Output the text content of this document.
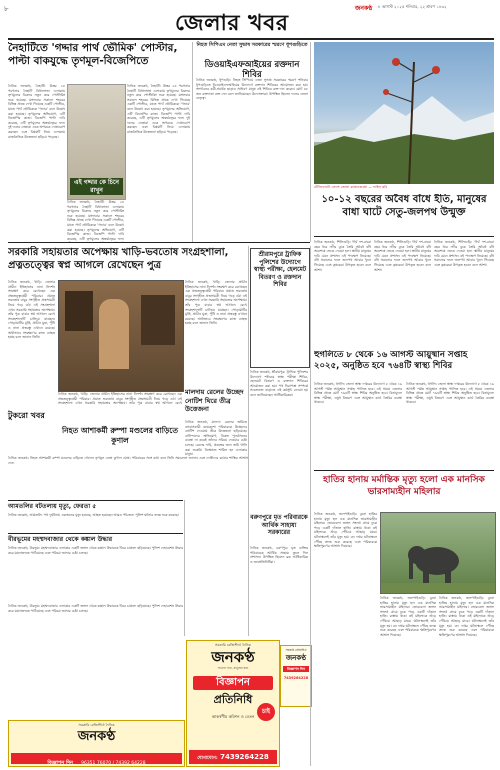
৮
জেলার খবর
জনকণ্ঠ ৮ আগস্ট ২০২৫ শনিবার, ২২ শ্রাবণ ১৪৩২
নৈহাটিতে 'গদ্দার পার্থ ভৌমিক' পোস্টার, পাল্টা বাকযুদ্ধে তৃণমূল-বিজেপিতে
দৈনিক জনকণ্ঠ, নৈহাটি: উত্তর ২৪ পরগনার নৈহাটি বিধানসভা এলাকায় তৃণমূলের বিরুদ্ধে নতুন করে পোস্টারিং শুরু হয়েছে। মঙ্গলবার সকালে শহরের বিভিন্ন প্রান্তে দেখা গিয়েছে একটি পোস্টার, যাতে পার্থ ভৌমিককে 'গদ্দার' বলে উল্লেখ করা হয়েছে। তৃণমূলের অভিযোগ, এটি বিজেপির কাজ। বিজেপি পাল্টা দাবি করেছে, এটি তৃণমূলের অন্তর্দ্বন্দ্বের ফল। দুই দলের নেতারা একে অপরকে দোষারোপ করছেন এবং বিষয়টি নিয়ে এলাকায় রাজনৈতিক উত্তেজনা ছড়িয়ে পড়েছে।
এই গদ্দার কে চিনে রাখুন
দৈনিক জনকণ্ঠ, নৈহাটি: উত্তর ২৪ পরগনার নৈহাটি বিধানসভা এলাকায় তৃণমূলের বিরুদ্ধে নতুন করে পোস্টারিং শুরু হয়েছে। মঙ্গলবার সকালে শহরের বিভিন্ন প্রান্তে দেখা গিয়েছে একটি পোস্টার, যাতে পার্থ ভৌমিককে 'গদ্দার' বলে উল্লেখ করা হয়েছে। তৃণমূলের অভিযোগ, এটি বিজেপির কাজ। বিজেপি পাল্টা দাবি করেছে, এটি তৃণমূলের অন্তর্দ্বন্দ্বের ফল।
দৈনিক জনকণ্ঠ, নৈহাটি: উত্তর ২৪ পরগনার নৈহাটি বিধানসভা এলাকায় তৃণমূলের বিরুদ্ধে নতুন করে পোস্টারিং শুরু হয়েছে। মঙ্গলবার সকালে শহরের বিভিন্ন প্রান্তে দেখা গিয়েছে একটি পোস্টার, যাতে পার্থ ভৌমিককে 'গদ্দার' বলে উল্লেখ করা হয়েছে। তৃণমূলের অভিযোগ, এটি বিজেপির কাজ। বিজেপি পাল্টা দাবি করেছে, এটি তৃণমূলের অন্তর্দ্বন্দ্বের ফল। দুই দলের নেতারা একে অপরকে দোষারোপ করছেন এবং বিষয়টি নিয়ে এলাকায় রাজনৈতিক উত্তেজনা ছড়িয়ে পড়েছে।
নিহত সিপিএম নেতা সুভাষ সরকারের স্মরণে ধূপগুড়িতে
ডিওয়াইএফআইয়ের রক্তদান শিবির
দৈনিক জনকণ্ঠ, ধূপগুড়ি: নিহত সিপিএম নেতা সুভাষ সরকারের স্মরণে শনিবার ধূপগুড়িতে ডিওয়াইএফআইয়ের উদ্যোগে রক্তদান শিবিরের আয়োজন করা হয়। সংগঠনের কর্মী-সমর্থক ছাড়াও সাধারণ মানুষ এই শিবিরে রক্ত দান করেন। মোট ৪৮ জন রক্তদাতা রক্ত দেন বলে জানিয়েছেন উদ্যোক্তারা। উপস্থিত ছিলেন দলের জেলা নেতৃত্ব।
টেলিফোটো লেন্সে তোলা কাঞ্চনজঙ্ঘা — ফাইল ছবি
১০-১২ বছরের অবৈধ বাঁধে ইতি, মানুষের বাধা ঘাটে সেতু-জলপথ উন্মুক্ত
দৈনিক জনকণ্ঠ, শিলিগুড়ি: দীর্ঘ দশ-বারো বছর ধরে নদীর বুকে তৈরি অবৈধ বাঁধ অবশেষে ভেঙে দেওয়া হল। স্থানীয় মানুষের দাবি মেনে প্রশাসন এই পদক্ষেপ নিয়েছে। বাঁধ সরানোর ফলে জলপথ আবার খুলে গিয়েছে এবং কৃষকেরা উপকৃত হবেন বলে আশা।
দৈনিক জনকণ্ঠ, শিলিগুড়ি: দীর্ঘ দশ-বারো বছর ধরে নদীর বুকে তৈরি অবৈধ বাঁধ অবশেষে ভেঙে দেওয়া হল। স্থানীয় মানুষের দাবি মেনে প্রশাসন এই পদক্ষেপ নিয়েছে। বাঁধ সরানোর ফলে জলপথ আবার খুলে গিয়েছে এবং কৃষকেরা উপকৃত হবেন বলে আশা।
দৈনিক জনকণ্ঠ, শিলিগুড়ি: দীর্ঘ দশ-বারো বছর ধরে নদীর বুকে তৈরি অবৈধ বাঁধ অবশেষে ভেঙে দেওয়া হল। স্থানীয় মানুষের দাবি মেনে প্রশাসন এই পদক্ষেপ নিয়েছে। বাঁধ সরানোর ফলে জলপথ আবার খুলে গিয়েছে এবং কৃষকেরা উপকৃত হবেন বলে আশা।
শ্রীরামপুরে ট্রাফিক পুলিশের উদ্যোগে স্বাস্থ্য পরীক্ষা, হেলমেট বিতরণ ও রক্তদান শিবির
সরকারি সহায়তার অপেক্ষায় খাড়ি-ভবতোষ সংগ্রহশালা, প্রত্নতত্ত্বের স্বপ্ন আগলে রেখেছেন পুত্র
দৈনিক জনকণ্ঠ, খাড়ি: জেলার প্রাচীন ইতিহাসের নানা নিদর্শন সংরক্ষণ করে রেখেছেন এক প্রত্নতত্ত্বপ্রেমী পরিবার। প্রয়াত ভবতোষ বাবুর সংগৃহীত প্রত্নসামগ্রী নিয়ে গড়ে ওঠা এই সংগ্রহশালা এখন সরকারি সহায়তার অপেক্ষায়। তাঁর পুত্র বাবার স্বপ্ন আগলে রেখে সংগ্রহশালাটি চালিয়ে যাচ্ছেন। পোড়ামাটির মূর্তি, প্রাচীন মুদ্রা, পুঁথি ও নানা প্রত্নবস্তু এখানে রয়েছে। অর্থাভাবে সংরক্ষণের কাজ ব্যাহত হচ্ছে বলে জানান তিনি।
দৈনিক জনকণ্ঠ, খাড়ি: জেলার প্রাচীন ইতিহাসের নানা নিদর্শন সংরক্ষণ করে রেখেছেন এক প্রত্নতত্ত্বপ্রেমী পরিবার। প্রয়াত ভবতোষ বাবুর সংগৃহীত প্রত্নসামগ্রী নিয়ে গড়ে ওঠা এই সংগ্রহশালা এখন সরকারি সহায়তার অপেক্ষায়। তাঁর পুত্র বাবার স্বপ্ন আগলে রেখে
দৈনিক জনকণ্ঠ, খাড়ি: জেলার প্রাচীন ইতিহাসের নানা নিদর্শন সংরক্ষণ করে রেখেছেন এক প্রত্নতত্ত্বপ্রেমী পরিবার। প্রয়াত ভবতোষ বাবুর সংগৃহীত প্রত্নসামগ্রী নিয়ে গড়ে ওঠা এই সংগ্রহশালা এখন সরকারি সহায়তার অপেক্ষায়। তাঁর পুত্র বাবার স্বপ্ন আগলে রেখে সংগ্রহশালাটি চালিয়ে যাচ্ছেন। পোড়ামাটির মূর্তি, প্রাচীন মুদ্রা, পুঁথি ও নানা প্রত্নবস্তু এখানে রয়েছে। অর্থাভাবে সংরক্ষণের কাজ ব্যাহত হচ্ছে বলে জানান তিনি।
দৈনিক জনকণ্ঠ, শ্রীরামপুর: ট্রাফিক পুলিশের উদ্যোগে শনিবার স্বাস্থ্য পরীক্ষা শিবির, হেলমেট বিতরণ ও রক্তদান শিবিরের আয়োজন করা হয়। পথ নিরাপত্তা সম্পর্কে সচেতনতা বাড়াতে এই কর্মসূচি নেওয়া হয় বলে জানিয়েছেন আধিকারিকরা।
হুগলিতে ৮ থেকে ১৬ আগস্ট আয়ুষ্মান সপ্তাহ ২০২৫, অনুষ্ঠিত হবে ৭৬৪টি স্বাস্থ্য শিবির
দৈনিক জনকণ্ঠ, হুগলি: জেলা স্বাস্থ্য দপ্তরের উদ্যোগে ৮ থেকে ১৬ আগস্ট পর্যন্ত আয়ুষ্মান সপ্তাহ পালিত হবে। এই সময়ে জেলার বিভিন্ন প্রান্তে মোট ৭৬৪টি স্বাস্থ্য শিবির অনুষ্ঠিত হবে। বিনামূল্যে স্বাস্থ্য পরীক্ষা, ওষুধ বিতরণ এবং আয়ুষ্মান কার্ড তৈরির ব্যবস্থা থাকবে।
দৈনিক জনকণ্ঠ, হুগলি: জেলা স্বাস্থ্য দপ্তরের উদ্যোগে ৮ থেকে ১৬ আগস্ট পর্যন্ত আয়ুষ্মান সপ্তাহ পালিত হবে। এই সময়ে জেলার বিভিন্ন প্রান্তে মোট ৭৬৪টি স্বাস্থ্য শিবির অনুষ্ঠিত হবে। বিনামূল্যে স্বাস্থ্য পরীক্ষা, ওষুধ বিতরণ এবং আয়ুষ্মান কার্ড তৈরির ব্যবস্থা থাকবে।
টুকরো খবর
নিহত আশাকর্মী রুম্পা মণ্ডলের বাড়িতে কুণাল
দৈনিক জনকণ্ঠ: নিহত আশাকর্মী রুম্পা মণ্ডলের বাড়িতে গেলেন তৃণমূল নেতা কুণাল ঘোষ। পরিবারের সঙ্গে কথা বলে তিনি সমবেদনা জানান এবং দোষীদের কঠোর শাস্তির আশ্বাস দেন।
মালদায় রেলের উচ্ছেদ নোটিশ ঘিরে তীব্র উত্তেজনা
দৈনিক জনকণ্ঠ, মালদা: রেলের জমিতে বসবাসকারী কয়েকশো পরিবারকে উচ্ছেদের নোটিশ দেওয়ায় তীব্র উত্তেজনা ছড়িয়েছে। বাসিন্দাদের অভিযোগ, বিকল্প পুনর্বাসনের ব্যবস্থা না করেই তাঁদের সরিয়ে দেওয়ার চেষ্টা চলছে। রেলের দাবি, প্রকল্পের জন্য জমি খালি করা জরুরি। বিক্ষোভে শামিল হন এলাকার মানুষ।
আমতলির বটতলায় মৃত্যু, ফেরতা ৫
দৈনিক জনকণ্ঠ, আমতলি: পথ দুর্ঘটনায় একজনের মৃত্যু হয়েছে, আহত হয়েছেন আরও পাঁচজন। পুলিশ ঘটনার তদন্ত শুরু করেছে।
বীরভূমের মহম্মদবাজার থেকে কঙ্কাল উদ্ধার
দৈনিক জনকণ্ঠ, বীরভূম: মহম্মদবাজার এলাকার একটি জঙ্গল থেকে কঙ্কাল উদ্ধারকে ঘিরে চাঞ্চল্য ছড়িয়েছে। পুলিশ দেহাবশেষ উদ্ধার করে ময়নাতদন্তে পাঠিয়েছে এবং পরিচয় জানার চেষ্টা চলছে।
বরুণপুরে মৃত পরিবারকে আর্থিক সাহায্য সরকারের
দৈনিক জনকণ্ঠ, বরুণপুর: মৃত ব্যক্তির পরিবারকে আর্থিক সাহায্য তুলে দিল প্রশাসন। উপস্থিত ছিলেন ব্লক আধিকারিক ও জনপ্রতিনিধিরা।
হাতির হানায় মর্মান্তিক মৃত্যু হলো এক মানসিক ভারসাম্যহীন মহিলার
দৈনিক জনকণ্ঠ, জলপাইগুড়ি: বুনো হাতির হানায় মৃত্যু হল এক মানসিক ভারসাম্যহীন মহিলার। ভোরবেলা জঙ্গল সংলগ্ন গ্রামে ঢুকে পড়ে একটি দাঁতাল হাতি। রাস্তায় থাকা ওই মহিলাকে শুঁড়ে পেঁচিয়ে আছাড় মারে। ঘটনাস্থলেই তাঁর মৃত্যু হয়। বন দপ্তর ঘটনাস্থলে পৌঁছে তদন্ত শুরু করেছে এবং পরিবারকে ক্ষতিপূরণের আশ্বাস দিয়েছে।
দৈনিক জনকণ্ঠ, জলপাইগুড়ি: বুনো হাতির হানায় মৃত্যু হল এক মানসিক ভারসাম্যহীন মহিলার। ভোরবেলা জঙ্গল সংলগ্ন গ্রামে ঢুকে পড়ে একটি দাঁতাল হাতি। রাস্তায় থাকা ওই মহিলাকে শুঁড়ে পেঁচিয়ে আছাড় মারে। ঘটনাস্থলেই তাঁর মৃত্যু হয়। বন দপ্তর ঘটনাস্থলে পৌঁছে তদন্ত শুরু করেছে এবং পরিবারকে ক্ষতিপূরণের আশ্বাস দিয়েছে।
দৈনিক জনকণ্ঠ, জলপাইগুড়ি: বুনো হাতির হানায় মৃত্যু হল এক মানসিক ভারসাম্যহীন মহিলার। ভোরবেলা জঙ্গল সংলগ্ন গ্রামে ঢুকে পড়ে একটি দাঁতাল হাতি। রাস্তায় থাকা ওই মহিলাকে শুঁড়ে পেঁচিয়ে আছাড় মারে। ঘটনাস্থলেই তাঁর মৃত্যু হয়। বন দপ্তর ঘটনাস্থলে পৌঁছে তদন্ত শুরু করেছে এবং পরিবারকে ক্ষতিপূরণের আশ্বাস দিয়েছে।
সরকারি রেজিস্টার্ড দৈনিক
জনকণ্ঠ
সত্যের পথে, মানুষের কথা
বিজ্ঞাপন
প্রতিনিধি
চাই
আকর্ষণীয় কমিশন ও বেতন
যোগাযোগ: 7439264228
সরকারি রেজিস্টার্ড
জনকণ্ঠ
বিজ্ঞাপন দিন
7439264228
সরকারি রেজিস্টার্ড দৈনিক
জনকণ্ঠ
বিজ্ঞাপন দিন 96351 76070 / 74392 64228
দৈনিক জনকণ্ঠ, বীরভূম: মহম্মদবাজার এলাকার একটি জঙ্গল থেকে কঙ্কাল উদ্ধারকে ঘিরে চাঞ্চল্য ছড়িয়েছে। পুলিশ দেহাবশেষ উদ্ধার করে ময়নাতদন্তে পাঠিয়েছে এবং পরিচয় জানার চেষ্টা চলছে।
